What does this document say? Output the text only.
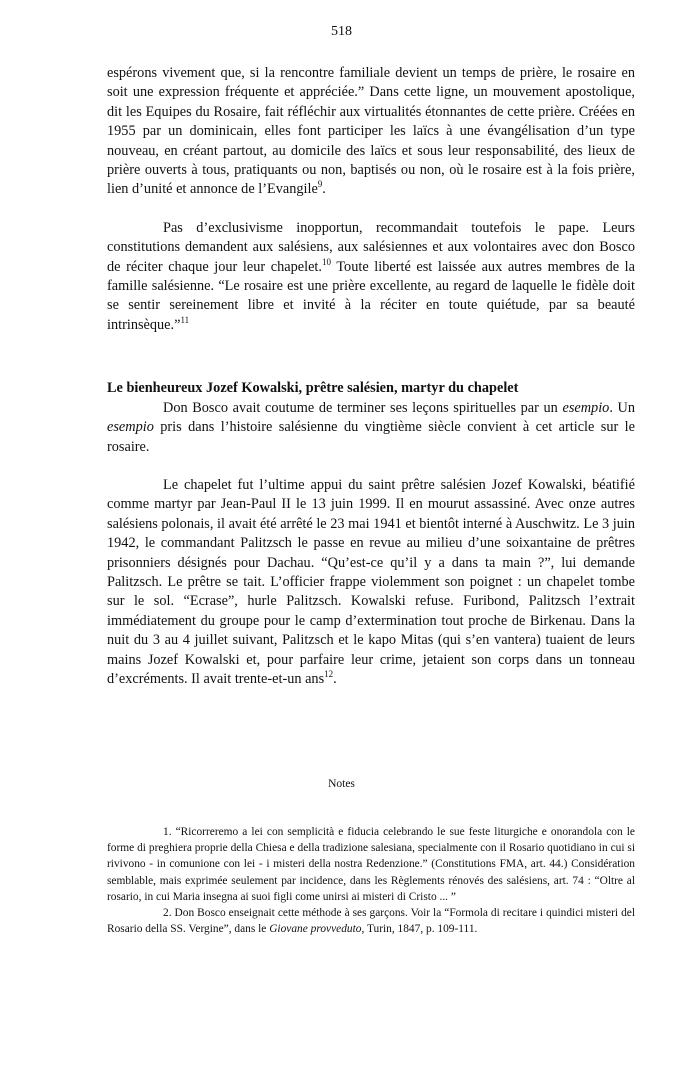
518

espérons vivement que, si la rencontre familiale devient un temps de prière, le rosaire en soit une expression fréquente et appréciée.” Dans cette ligne, un mouvement apostolique, dit les Equipes du Rosaire, fait réfléchir aux virtualités étonnantes de cette prière. Créées en 1955 par un dominicain, elles font participer les laïcs à une évangélisation d’un type nouveau, en créant partout, au domicile des laïcs et sous leur responsabilité, des lieux de prière ouverts à tous, pratiquants ou non, baptisés ou non, où le rosaire est à la fois prière, lien d’unité et annonce de l’Evangile$^9$.

Pas d’exclusivisme inopportun, recommandait toutefois le pape. Leurs constitutions demandent aux salésiens, aux salésiennes et aux volontaires avec don Bosco de réciter chaque jour leur chapelet.$^{10}$ Toute liberté est laissée aux autres membres de la famille salésienne. “Le rosaire est une prière excellente, au regard de laquelle le fidèle doit se sentir sereinement libre et invité à la réciter en toute quiétude, par sa beauté intrinsèque.”$^{11}$

Le bienheureux Jozef Kowalski, prêtre salésien, martyr du chapelet

Don Bosco avait coutume de terminer ses leçons spirituelles par un esempio. Un esempio pris dans l’histoire salésienne du vingtième siècle convient à cet article sur le rosaire.

Le chapelet fut l’ultime appui du saint prêtre salésien Jozef Kowalski, béatifié comme martyr par Jean-Paul II le 13 juin 1999. Il en mourut assassiné. Avec onze autres salésiens polonais, il avait été arrêté le 23 mai 1941 et bientôt interné à Auschwitz. Le 3 juin 1942, le commandant Palitzsch le passe en revue au milieu d’une soixantaine de prêtres prisonniers désignés pour Dachau. “Qu’est-ce qu’il y a dans ta main ?”, lui demande Palitzsch. Le prêtre se tait. L’officier frappe violemment son poignet : un chapelet tombe sur le sol. “Ecrase”, hurle Palitzsch. Kowalski refuse. Furibond, Palitzsch l’extrait immédiatement du groupe pour le camp d’extermination tout proche de Birkenau. Dans la nuit du 3 au 4 juillet suivant, Palitzsch et le kapo Mitas (qui s’en vantera) tuaient de leurs mains Jozef Kowalski et, pour parfaire leur crime, jetaient son corps dans un tonneau d’excréments. Il avait trente-et-un ans$^{12}$.

Notes

1. “Ricorreremo a lei con semplicità e fiducia celebrando le sue feste liturgiche e onorandola con le forme di preghiera proprie della Chiesa e della tradizione salesiana, specialmente con il Rosario quotidiano in cui si rivivono - in comunione con lei - i misteri della nostra Redenzione.” (Constitutions FMA, art. 44.) Considération semblable, mais exprimée seulement par incidence, dans les Règlements rénovés des salésiens, art. 74 : “Oltre al rosario, in cui Maria insegna ai suoi figli come unirsi ai misteri di Cristo ... ”

2. Don Bosco enseignait cette méthode à ses garçons. Voir la “Formola di recitare i quindici misteri del Rosario della SS. Vergine”, dans le Giovane provveduto, Turin, 1847, p. 109-111.
